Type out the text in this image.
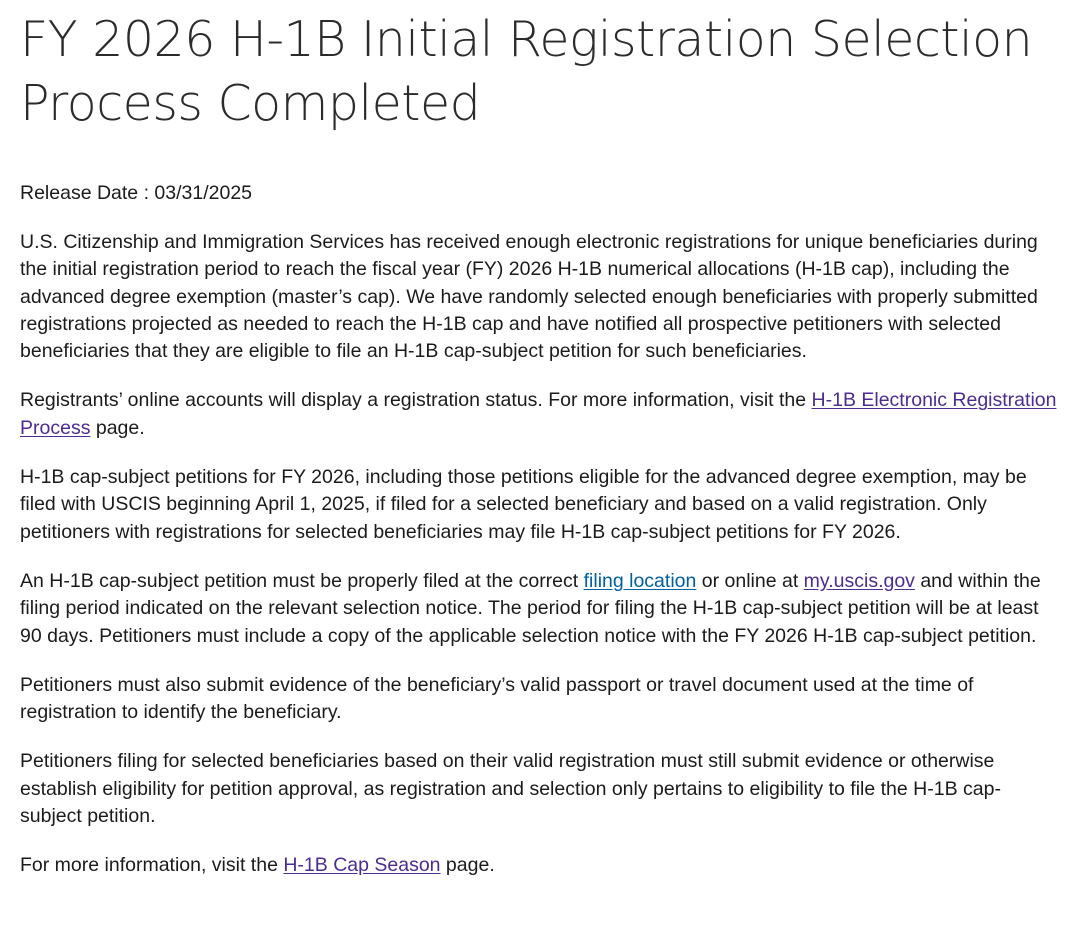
FY 2026 H-1B Initial Registration Selection Process Completed
Release Date : 03/31/2025

U.S. Citizenship and Immigration Services has received enough electronic registrations for unique beneficiaries during the initial registration period to reach the fiscal year (FY) 2026 H-1B numerical allocations (H-1B cap), including the advanced degree exemption (master’s cap). We have randomly selected enough beneficiaries with properly submitted registrations projected as needed to reach the H-1B cap and have notified all prospective petitioners with selected beneficiaries that they are eligible to file an H-1B cap-subject petition for such beneficiaries.

Registrants’ online accounts will display a registration status. For more information, visit the H-1B Electronic Registration Process page.

H-1B cap-subject petitions for FY 2026, including those petitions eligible for the advanced degree exemption, may be filed with USCIS beginning April 1, 2025, if filed for a selected beneficiary and based on a valid registration. Only petitioners with registrations for selected beneficiaries may file H-1B cap-subject petitions for FY 2026.

An H-1B cap-subject petition must be properly filed at the correct filing location or online at my.uscis.gov and within the filing period indicated on the relevant selection notice. The period for filing the H-1B cap-subject petition will be at least 90 days. Petitioners must include a copy of the applicable selection notice with the FY 2026 H-1B cap-subject petition.

Petitioners must also submit evidence of the beneficiary’s valid passport or travel document used at the time of registration to identify the beneficiary.

Petitioners filing for selected beneficiaries based on their valid registration must still submit evidence or otherwise establish eligibility for petition approval, as registration and selection only pertains to eligibility to file the H-1B cap-subject petition.

For more information, visit the H-1B Cap Season page.
